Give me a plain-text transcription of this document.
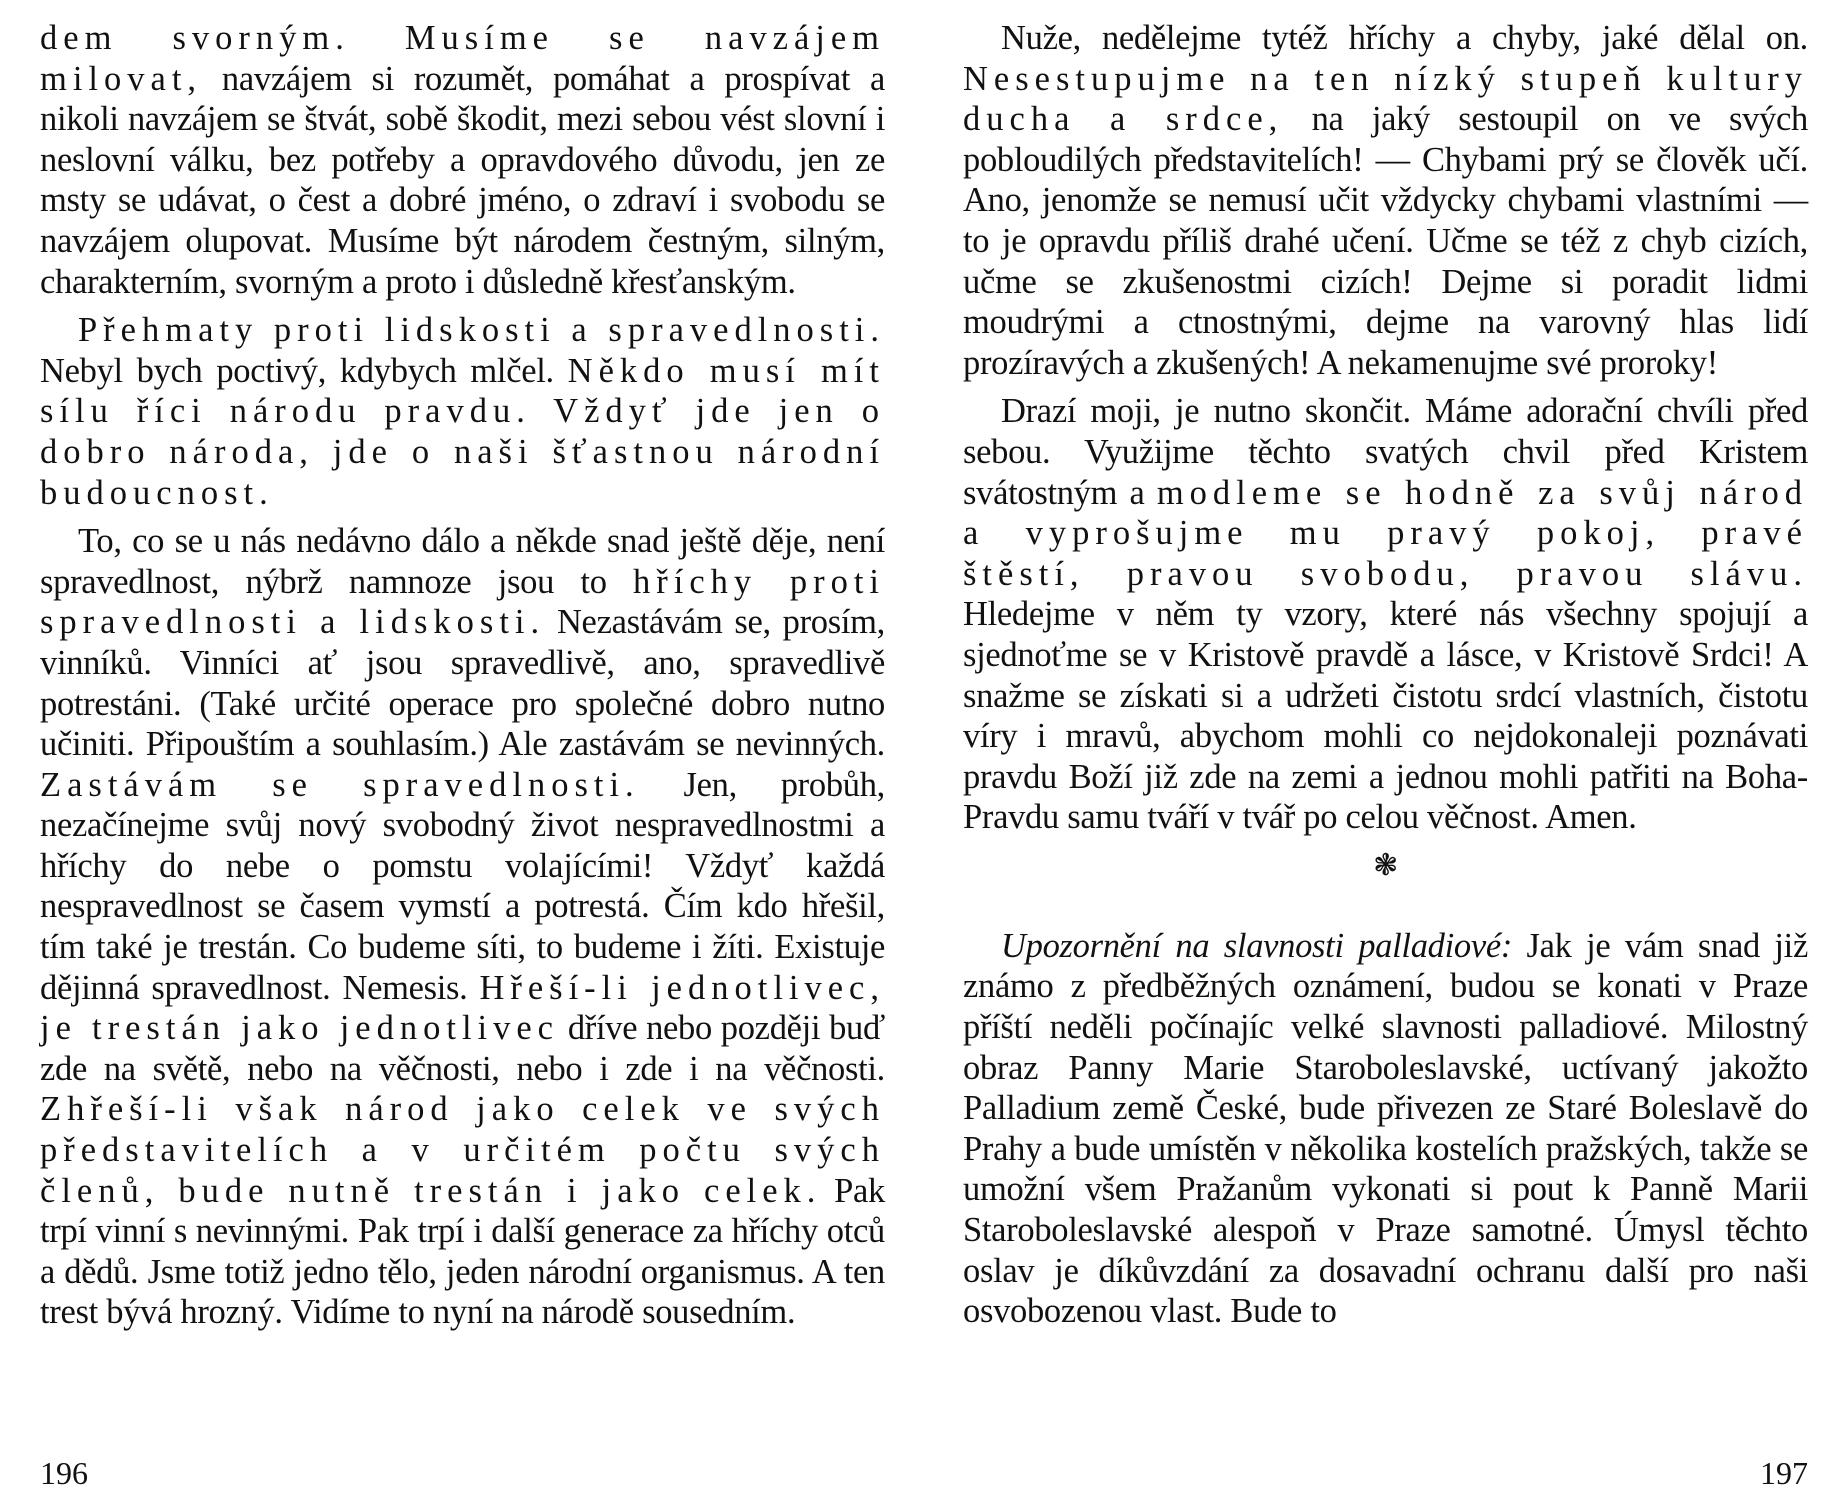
dem svorným. Musíme se navzájem milovat, navzájem si rozumět, pomáhat a prospívat a nikoli navzájem se štvát, sobě škodit, mezi sebou vést slovní i neslovní válku, bez potřeby a opravdového důvodu, jen ze msty se udávat, o čest a dobré jméno, o zdraví i svobodu se navzájem olupovat. Musíme být národem čestným, silným, charakterním, svorným a proto i důsledně křesťanským.

Přehmaty proti lidskosti a spravedlnosti. Nebyl bych poctivý, kdybych mlčel. Někdo musí mít sílu říci národu pravdu. Vždyť jde jen o dobro národa, jde o naši šťastnou národní budoucnost.

To, co se u nás nedávno dálo a někde snad ještě děje, není spravedlnost, nýbrž namnoze jsou to hříchy proti spravedlnosti a lidskosti. Nezastávám se, prosím, vinníků. Vinníci ať jsou spravedlivě, ano, spravedlivě potrestáni. (Také určité operace pro společné dobro nutno učiniti. Připouštím a souhlasím.) Ale zastávám se nevinných. Zastávám se spravedlnosti. Jen, probůh, nezačínejme svůj nový svobodný život nespravedlnostmi a hříchy do nebe o pomstu volajícími! Vždyť každá nespravedlnost se časem vymstí a potrestá. Čím kdo hřešil, tím také je trestán. Co budeme síti, to budeme i žíti. Existuje dějinná spravedlnost. Nemesis. Hřeší-li jednotlivec, je trestán jako jednotlivec dříve nebo později buď zde na světě, nebo na věčnosti, nebo i zde i na věčnosti. Zhřeší-li však národ jako celek ve svých představitelích a v určitém počtu svých členů, bude nutně trestán i jako celek. Pak trpí vinní s nevinnými. Pak trpí i další generace za hříchy otců a dědů. Jsme totiž jedno tělo, jeden národní organismus. A ten trest bývá hrozný. Vidíme to nyní na národě sousedním.

196

Nuže, nedělejme tytéž hříchy a chyby, jaké dělal on. Nesestupujme na ten nízký stupeň kultury ducha a srdce, na jaký sestoupil on ve svých pobloudilých představitelích! — Chybami prý se člověk učí. Ano, jenomže se nemusí učit vždycky chybami vlastními — to je opravdu příliš drahé učení. Učme se též z chyb cizích, učme se zkušenostmi cizích! Dejme si poradit lidmi moudrými a ctnostnými, dejme na varovný hlas lidí prozíravých a zkušených! A nekamenujme své proroky!

Drazí moji, je nutno skončit. Máme adorační chvíli před sebou. Využijme těchto svatých chvil před Kristem svátostným a modleme se hodně za svůj národ a vyprošujme mu pravý pokoj, pravé štěstí, pravou svobodu, pravou slávu. Hledejme v něm ty vzory, které nás všechny spojují a sjednoťme se v Kristově pravdě a lásce, v Kristově Srdci! A snažme se získati si a udržeti čistotu srdcí vlastních, čistotu víry i mravů, abychom mohli co nejdokonaleji poznávati pravdu Boží již zde na zemi a jednou mohli patřiti na Boha-Pravdu samu tváří v tvář po celou věčnost. Amen.

❃

Upozornění na slavnosti palladiové: Jak je vám snad již známo z předběžných oznámení, budou se konati v Praze příští neděli počínajíc velké slavnosti palladiové. Milostný obraz Panny Marie Staroboleslavské, uctívaný jakožto Palladium země České, bude přivezen ze Staré Boleslavě do Prahy a bude umístěn v několika kostelích pražských, takže se umožní všem Pražanům vykonati si pout k Panně Marii Staroboleslavské alespoň v Praze samotné. Úmysl těchto oslav je díkůvzdání za dosavadní ochranu další pro naši osvobozenou vlast. Bude to

197
